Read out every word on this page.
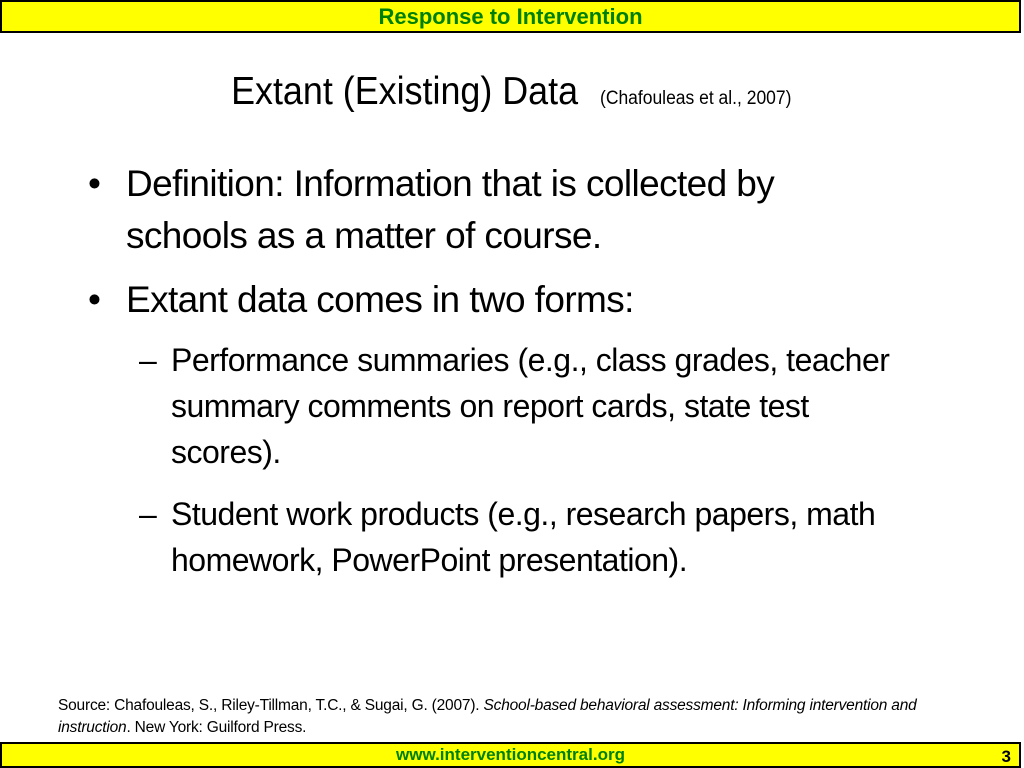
Response to Intervention
Extant (Existing) Data (Chafouleas et al., 2007)
• Definition: Information that is collected by
schools as a matter of course.
• Extant data comes in two forms:
– Performance summaries (e.g., class grades, teacher
summary comments on report cards, state test
scores).
– Student work products (e.g., research papers, math
homework, PowerPoint presentation).
Source: Chafouleas, S., Riley-Tillman, T.C., & Sugai, G. (2007). School-based behavioral assessment: Informing intervention and instruction. New York: Guilford Press.
www.interventioncentral.org	3
